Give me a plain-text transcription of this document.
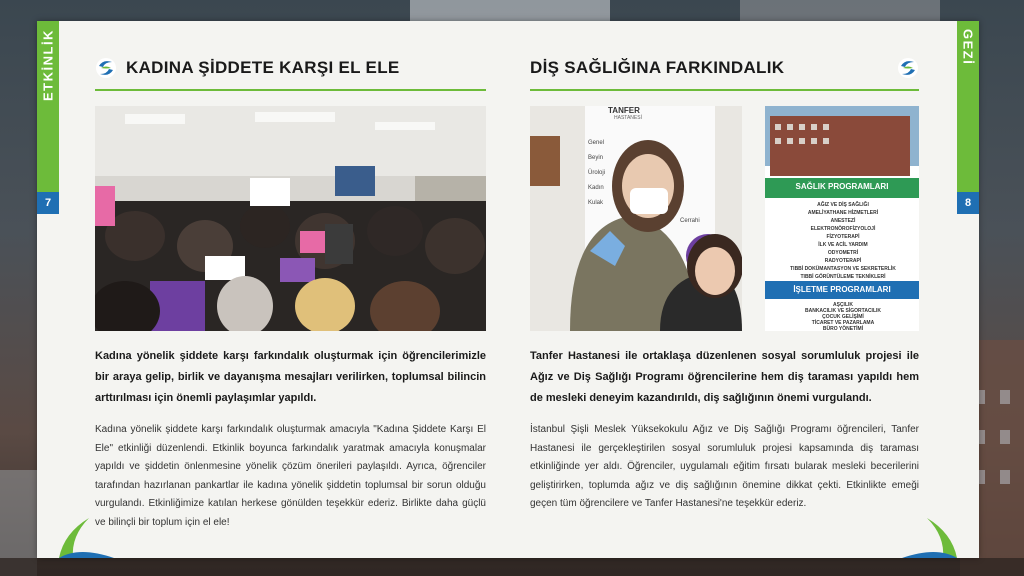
ETKİNLİK
7
GEZİ
8
KADINA ŞİDDETE KARŞI EL ELE
Kadına yönelik şiddete karşı farkındalık oluşturmak için öğrencilerimizle bir araya gelip, birlik ve dayanışma mesajları verilirken, toplumsal bilincin arttırılması için önemli paylaşımlar yapıldı.
Kadına yönelik şiddete karşı farkındalık oluşturmak amacıyla "Kadına Şiddete Karşı El Ele" etkinliği düzenlendi. Etkinlik boyunca farkındalık yaratmak amacıyla konuşmalar yapıldı ve şiddetin önlenmesine yönelik çözüm önerileri paylaşıldı. Ayrıca, öğrenciler tarafından hazırlanan pankartlar ile kadına yönelik şiddetin toplumsal bir sorun olduğu vurgulandı. Etkinliğimize katılan herkese gönülden teşekkür ederiz. Birlikte daha güçlü ve bilinçli bir toplum için el ele!
DİŞ SAĞLIĞINA FARKINDALIK
TANFER
HASTANESİ
Genel
Beyin
Üroloji
Kadın
Kulak
Cerrahi
SAĞLIK PROGRAMLARI
AĞIZ VE DİŞ SAĞLIĞI
AMELİYATHANE HİZMETLERİ
ANESTEZİ
ELEKTRONÖROFİZYOLOJİ
FİZYOTERAPİ
İLK VE ACİL YARDIM
ODYOMETRİ
RADYOTERAPİ
TIBBİ DOKÜMANTASYON VE SEKRETERLİK
TIBBİ GÖRÜNTÜLEME TEKNİKLERİ
İŞLETME PROGRAMLARI
AŞÇILIK
BANKACILIK VE SİGORTACILIK
ÇOCUK GELİŞİMİ
TİCARET VE PAZARLAMA
BÜRO YÖNETİMİ
Tanfer Hastanesi ile ortaklaşa düzenlenen sosyal sorumluluk projesi ile Ağız ve Diş Sağlığı Programı öğrencilerine hem diş taraması yapıldı hem de mesleki deneyim kazandırıldı, diş sağlığının önemi vurgulandı.
İstanbul Şişli Meslek Yüksekokulu Ağız ve Diş Sağlığı Programı öğrencileri, Tanfer Hastanesi ile gerçekleştirilen sosyal sorumluluk projesi kapsamında diş taraması etkinliğinde yer aldı. Öğrenciler, uygulamalı eğitim fırsatı bularak mesleki becerilerini geliştirirken, toplumda ağız ve diş sağlığının önemine dikkat çekti. Etkinlikte emeği geçen tüm öğrencilere ve Tanfer Hastanesi'ne teşekkür ederiz.
